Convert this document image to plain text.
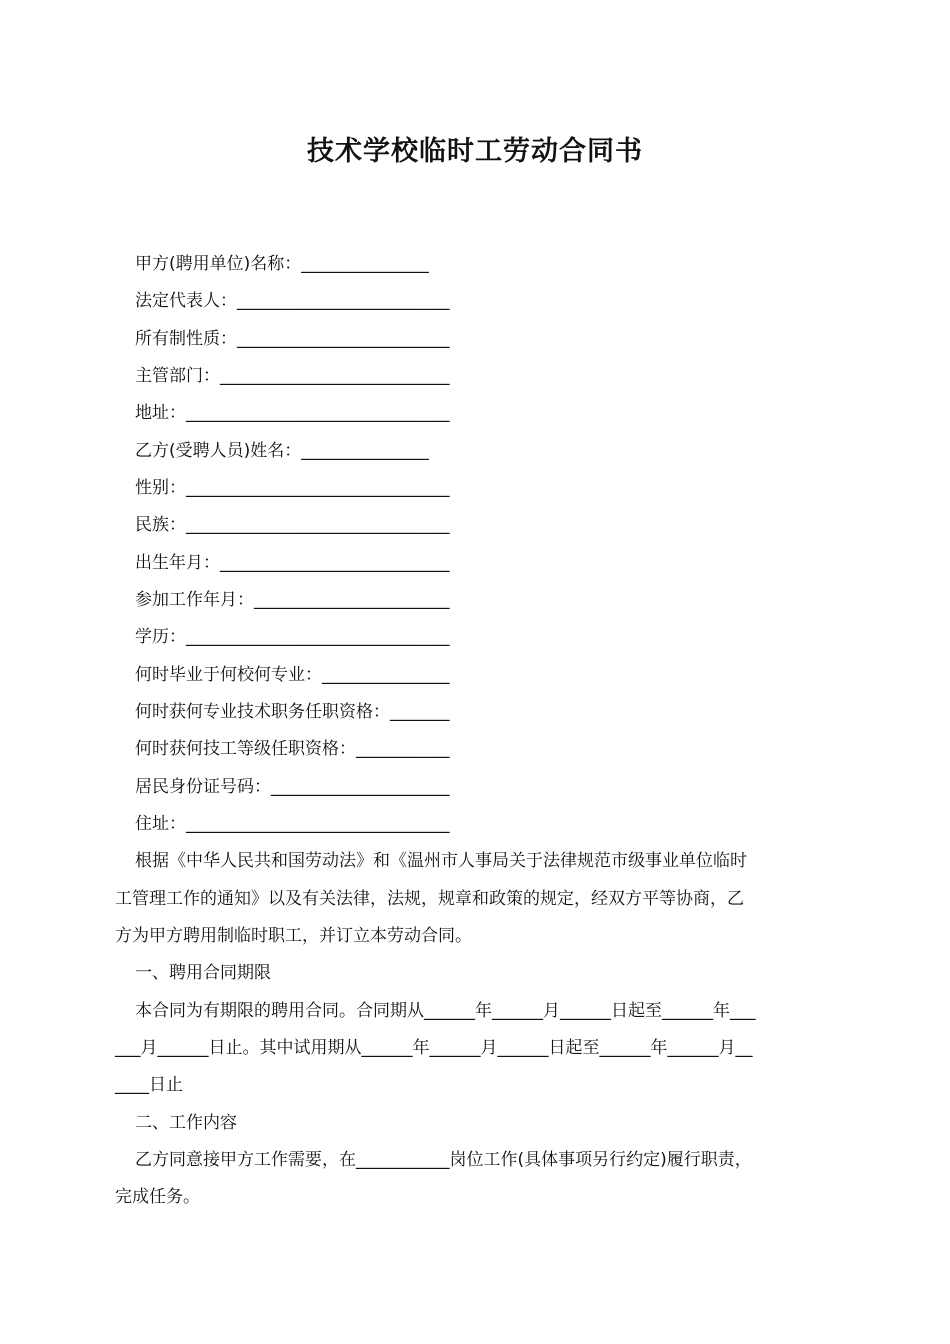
技术学校临时工劳动合同书
甲方(聘用单位)名称：_______________
法定代表人：_________________________
所有制性质：_________________________
主管部门：___________________________
地址：_______________________________
乙方(受聘人员)姓名：_______________
性别：_______________________________
民族：_______________________________
出生年月：___________________________
参加工作年月：_______________________
学历：_______________________________
何时毕业于何校何专业：_______________
何时获何专业技术职务任职资格：_______
何时获何技工等级任职资格：___________
居民身份证号码：_____________________
住址：_______________________________
根据《中华人民共和国劳动法》和《温州市人事局关于法律规范市级事业单位临时
工管理工作的通知》以及有关法律，法规，规章和政策的规定，经双方平等协商，乙
方为甲方聘用制临时职工，并订立本劳动合同。
一、聘用合同期限
本合同为有期限的聘用合同。合同期从______年______月______日起至______年___
___月______日止。其中试用期从______年______月______日起至______年______月__
____日止
二、工作内容
乙方同意接甲方工作需要，在___________岗位工作(具体事项另行约定)履行职责，
完成任务。
